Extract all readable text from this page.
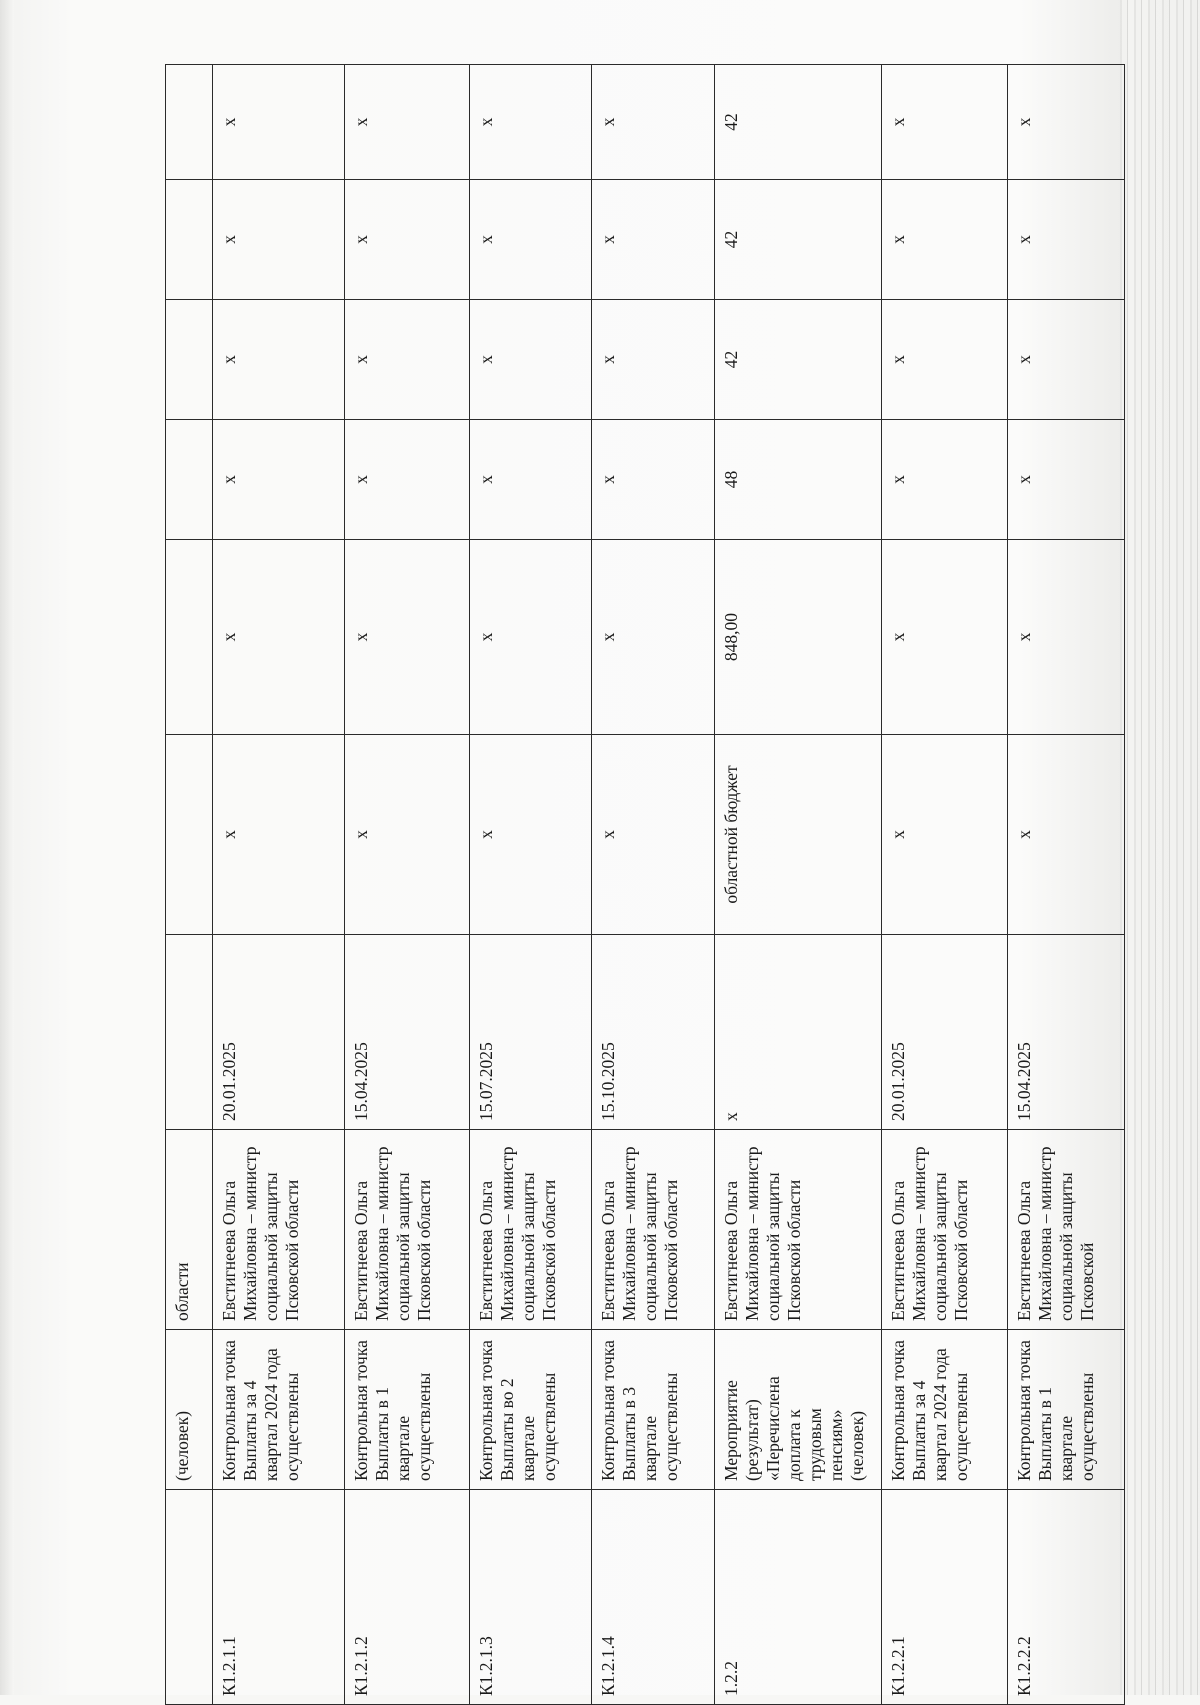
	(человек)	области							
К1.2.1.1	Контрольная точка Выплаты за 4 квартал 2024 года осуществлены	Евстигнеева Ольга Михайловна – министр социальной защиты Псковской области	20.01.2025	х	х	х	х	х	х
К1.2.1.2	Контрольная точка Выплаты в 1 квартале осуществлены	Евстигнеева Ольга Михайловна – министр социальной защиты Псковской области	15.04.2025	х	х	х	х	х	х
К1.2.1.3	Контрольная точка Выплаты во 2 квартале осуществлены	Евстигнеева Ольга Михайловна – министр социальной защиты Псковской области	15.07.2025	х	х	х	х	х	х
К1.2.1.4	Контрольная точка Выплаты в 3 квартале осуществлены	Евстигнеева Ольга Михайловна – министр социальной защиты Псковской области	15.10.2025	х	х	х	х	х	х
1.2.2	Мероприятие (результат) «Перечислена доплата к трудовым пенсиям» (человек)	Евстигнеева Ольга Михайловна – министр социальной защиты Псковской области	х	областной бюджет	848,00	48	42	42	42
К1.2.2.1	Контрольная точка Выплаты за 4 квартал 2024 года осуществлены	Евстигнеева Ольга Михайловна – министр социальной защиты Псковской области	20.01.2025	х	х	х	х	х	х
К1.2.2.2	Контрольная точка Выплаты в 1 квартале осуществлены	Евстигнеева Ольга Михайловна – министр социальной защиты Псковской	15.04.2025	х	х	х	х	х	х
